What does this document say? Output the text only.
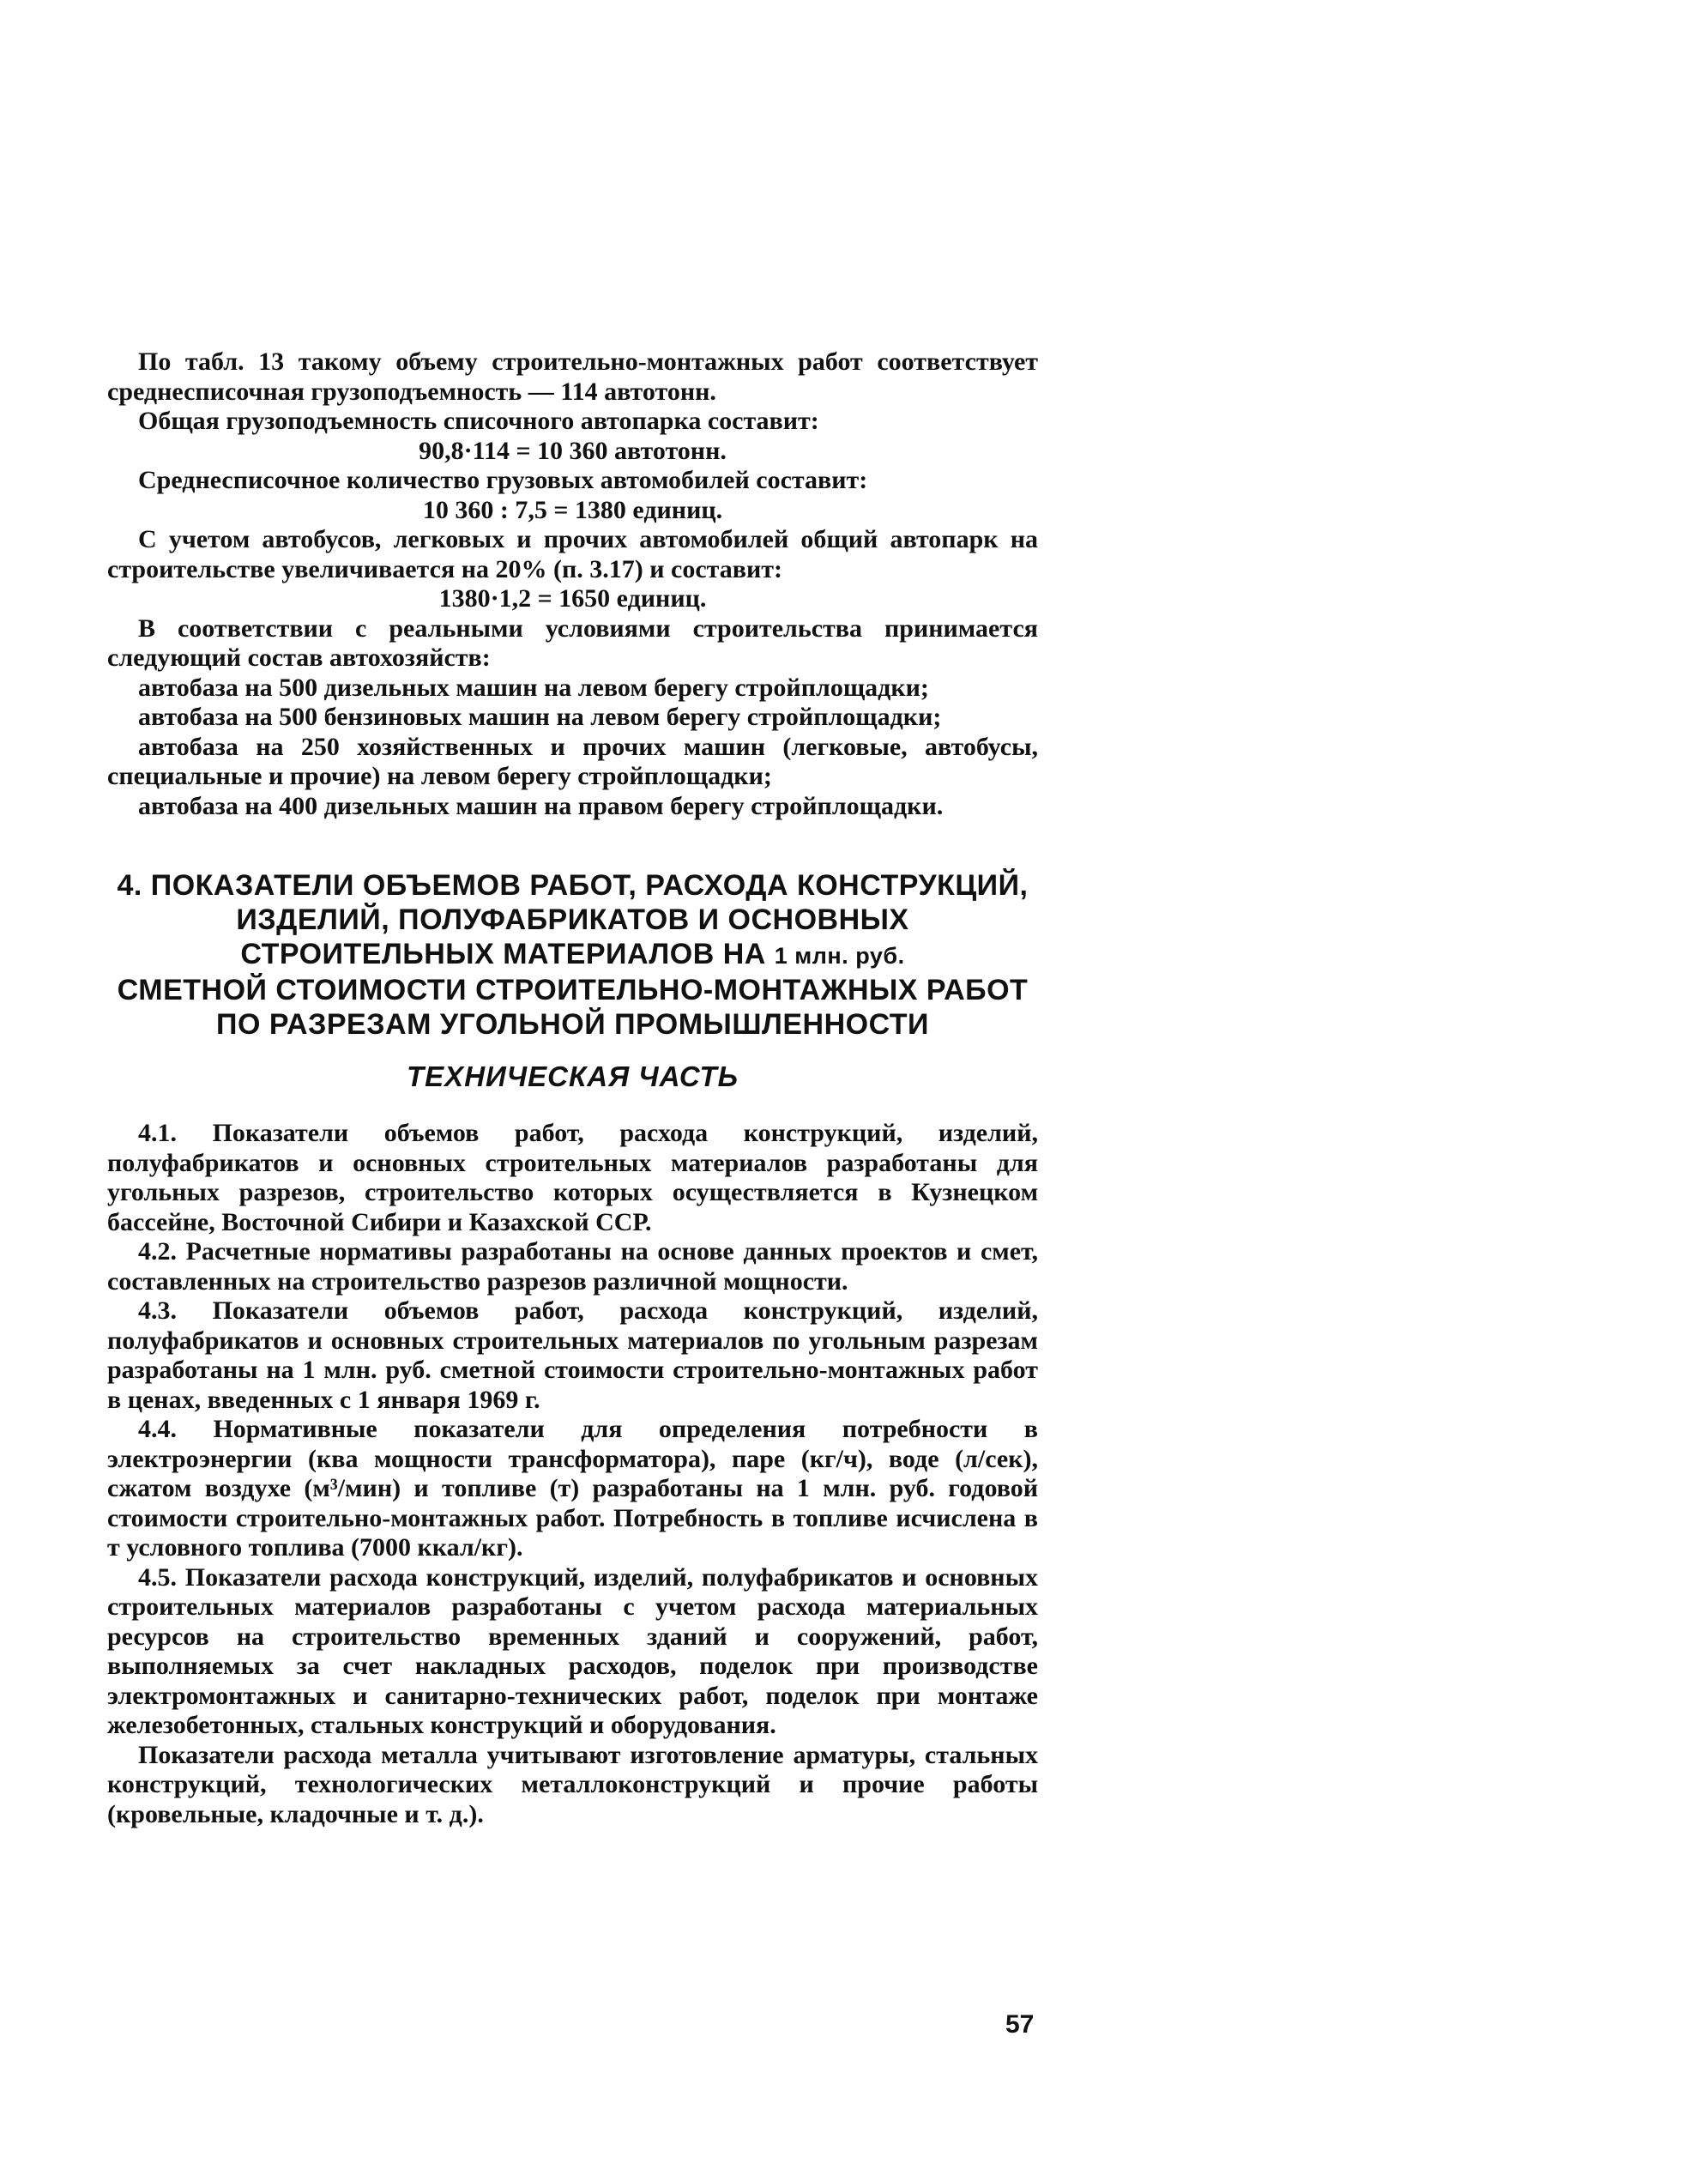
По табл. 13 такому объему строительно-монтажных работ соответствует среднесписочная грузоподъемность — 114 автотонн.

Общая грузоподъемность списочного автопарка составит:

90,8·114 = 10 360 автотонн.

Среднесписочное количество грузовых автомобилей составит:

10 360 : 7,5 = 1380 единиц.

С учетом автобусов, легковых и прочих автомобилей общий автопарк на строительстве увеличивается на 20% (п. 3.17) и составит:

1380·1,2 = 1650 единиц.

В соответствии с реальными условиями строительства принимается следующий состав автохозяйств:

автобаза на 500 дизельных машин на левом берегу стройплощадки;

автобаза на 500 бензиновых машин на левом берегу стройплощадки;

автобаза на 250 хозяйственных и прочих машин (легковые, автобусы, специальные и прочие) на левом берегу стройплощадки;

автобаза на 400 дизельных машин на правом берегу стройплощадки.

4. ПОКАЗАТЕЛИ ОБЪЕМОВ РАБОТ, РАСХОДА КОНСТРУКЦИЙ,
ИЗДЕЛИЙ, ПОЛУФАБРИКАТОВ И ОСНОВНЫХ
СТРОИТЕЛЬНЫХ МАТЕРИАЛОВ НА 1 млн. руб.
СМЕТНОЙ СТОИМОСТИ СТРОИТЕЛЬНО-МОНТАЖНЫХ РАБОТ
ПО РАЗРЕЗАМ УГОЛЬНОЙ ПРОМЫШЛЕННОСТИ
ТЕХНИЧЕСКАЯ ЧАСТЬ

4.1. Показатели объемов работ, расхода конструкций, изделий, полуфабрикатов и основных строительных материалов разработаны для угольных разрезов, строительство которых осуществляется в Кузнецком бассейне, Восточной Сибири и Казахской ССР.

4.2. Расчетные нормативы разработаны на основе данных проектов и смет, составленных на строительство разрезов различной мощности.

4.3. Показатели объемов работ, расхода конструкций, изделий, полуфабрикатов и основных строительных материалов по угольным разрезам разработаны на 1 млн. руб. сметной стоимости строительно-монтажных работ в ценах, введенных с 1 января 1969 г.

4.4. Нормативные показатели для определения потребности в электроэнергии (ква мощности трансформатора), паре (кг/ч), воде (л/сек), сжатом воздухе (м³/мин) и топливе (т) разработаны на 1 млн. руб. годовой стоимости строительно-монтажных работ. Потребность в топливе исчислена в т условного топлива (7000 ккал/кг).

4.5. Показатели расхода конструкций, изделий, полуфабрикатов и основных строительных материалов разработаны с учетом расхода материальных ресурсов на строительство временных зданий и сооружений, работ, выполняемых за счет накладных расходов, поделок при производстве электромонтажных и санитарно-технических работ, поделок при монтаже железобетонных, стальных конструкций и оборудования.

Показатели расхода металла учитывают изготовление арматуры, стальных конструкций, технологических металлоконструкций и прочие работы (кровельные, кладочные и т. д.).

57
